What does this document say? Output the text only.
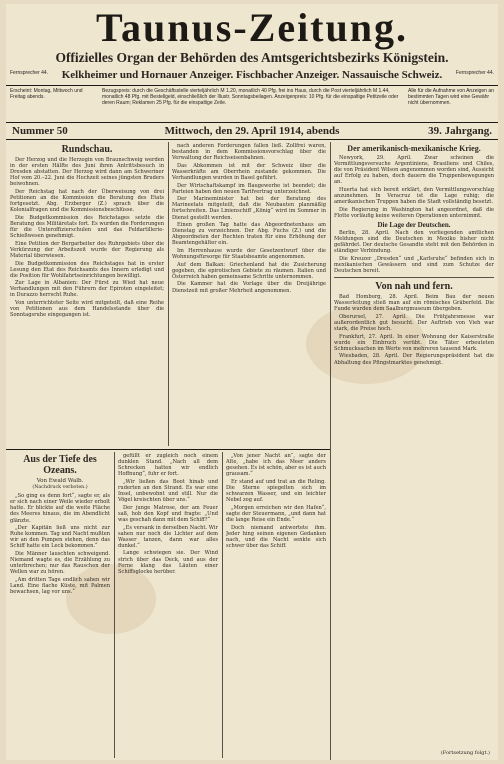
Taunus-Zeitung.
Offizielles Organ der Behörden des Amtsgerichtsbezirks Königstein.
Fernsprecher 44.	Kelkheimer und Hornauer Anzeiger. Fischbacher Anzeiger. Nassauische Schweiz.	Fernsprecher 44.
Erscheint: Montag, Mittwoch und Freitag abends.
Bezugspreis: durch die Geschäftsstelle vierteljährlich M 1.20, monatlich 40 Pfg. frei ins Haus, durch die Post vierteljährlich M 1.44, monatlich 48 Pfg. mit Bestellgeld, einschließlich der Illustr. Sonntagsbeilagen. Anzeigenpreis: 10 Pfg. für die einspaltige Petitzeile oder deren Raum; Reklamen 25 Pfg. für die einspaltige Zeile.
Alle für die Aufnahme von Anzeigen an bestimmten Tagen wird eine Gewähr nicht übernommen.
Nummer 50	Mittwoch, den 29. April 1914, abends	39. Jahrgang.
Rundschau.

Der Herzog und die Herzogin von Braunschweig werden in der ersten Hälfte des Juni ihren Antrittsbesuch in Dresden abstatten. Der Herzog wird dann am Schweriner Hof vom 20.–22. Juni die Hochzeit seines jüngsten Bruders beiwohnen.

Der Reichstag hat nach der Überweisung von drei Petitionen an die Kommission die Beratung des Etats fortgesetzt. Abg. Erzberger (Z.) sprach über die Kolonialfragen und die Kommissionsbeschlüsse.

Die Budgetkommission des Reichstages setzte die Beratung des Militäretats fort. Es wurden die Forderungen für die Unteroffizierschulen und das Feldartillerie-Schießwesen genehmigt.

Eine Petition der Bergarbeiter des Ruhrgebiets über die Verkürzung der Arbeitszeit wurde der Regierung als Material überwiesen.

Die Budgetkommission des Reichstages hat in erster Lesung den Etat des Reichsamts des Innern erledigt und die Position für Wohlfahrtseinrichtungen bewilligt.

Zur Lage in Albanien: Der Fürst zu Wied hat neue Verhandlungen mit den Führern der Epiroten eingeleitet; in Durazzo herrscht Ruhe.

Von unterrichteter Seite wird mitgeteilt, daß eine Reihe von Petitionen aus dem Handelsstande über die Sonntagsruhe eingegangen ist.

nach anderen Forderungen fallen ließ. Zollfrei waren, bestanden in dem Kommissionsvorschlag über die Verwaltung der Reichseisenbahnen.

Das Abkommen ist mit der Schweiz über die Wasserkräfte am Oberrhein zustande gekommen. Die Verhandlungen wurden in Basel geführt.

Der Wirtschaftskampf im Baugewerbe ist beendet; die Parteien haben den neuen Tarifvertrag unterzeichnet.

Der Marineminister hat bei der Beratung des Marineetats mitgeteilt, daß die Neubauten planmäßig fortschreiten. Das Linienschiff „König“ wird im Sommer in Dienst gestellt werden.

Einen großen Tag hatte das Abgeordnetenhaus am Dienstag zu verzeichnen. Der Abg. Fuchs (Z.) und die Abgeordneten der Rechten traten für eine Erhöhung der Beamtengehälter ein.

Im Herrenhause wurde der Gesetzentwurf über die Wohnungsfürsorge für Staatsbeamte angenommen.

Auf dem Balkan: Griechenland hat die Zusicherung gegeben, die epirotischen Gebiete zu räumen. Italien und Österreich haben gemeinsame Schritte unternommen.

Die Kammer hat die Vorlage über die Dreijährige Dienstzeit mit großer Mehrheit angenommen.

Der amerikanisch-mexikanische Krieg.

Newyork, 29. April. Zwar scheinen die Vermittlungsversuche Argentiniens, Brasiliens und Chiles, die von Präsident Wilson angenommen worden sind, Aussicht auf Erfolg zu haben, doch dauern die Truppenbewegungen an.

Huerta hat sich bereit erklärt, den Vermittlungsvorschlag anzunehmen. In Veracruz ist die Lage ruhig; die amerikanischen Truppen haben die Stadt vollständig besetzt.

Die Regierung in Washington hat angeordnet, daß die Flotte vorläufig keine weiteren Operationen unternimmt.

Die Lage der Deutschen.

Berlin, 28. April. Nach den vorliegenden amtlichen Meldungen sind die Deutschen in Mexiko bisher nicht gefährdet. Der deutsche Gesandte steht mit den Behörden in ständiger Verbindung.

Die Kreuzer „Dresden“ und „Karlsruhe“ befinden sich in mexikanischen Gewässern und sind zum Schutze der Deutschen bereit.

Von nah und fern.

Bad Homburg, 28. April. Beim Bau der neuen Wasserleitung stieß man auf ein römisches Gräberfeld. Die Funde wurden dem Saalburgmuseum übergeben.

Oberursel, 27. April. Die Frühjahrsmesse war außerordentlich gut besucht. Der Auftrieb von Vieh war stark, die Preise hoch.

Frankfurt, 27. April. In einer Wohnung der Kaiserstraße wurde ein Einbruch verübt. Die Täter erbeuteten Schmucksachen im Werte von mehreren tausend Mark.

Wiesbaden, 28. April. Der Regierungspräsident hat die Abhaltung des Pfingstmarktes genehmigt.

Aus der Tiefe des Ozeans.
Von Ewald Walb.
(Nachdruck verboten.)

„So ging es denn fort“, sagte er, als er sich nach einer Weile wieder erholt hatte. Er blickte auf die weite Fläche des Meeres hinaus, die im Abendlicht glänzte.

„Der Kapitän ließ uns nicht zur Ruhe kommen. Tag und Nacht mußten wir an den Pumpen stehen, denn das Schiff hatte ein Leck bekommen.“

Die Männer lauschten schweigend. Niemand wagte es, die Erzählung zu unterbrechen; nur das Rauschen der Wellen war zu hören.

„Am dritten Tage endlich sahen wir Land. Eine flache Küste, mit Palmen bewachsen, lag vor uns.“

gefüllt er zugleich noch einem dunklen Stand. „Nach all dem Schrecken hatten wir endlich Hoffnung“, fuhr er fort.

„Wir ließen das Boot hinab und ruderten an den Strand. Es war eine Insel, unbewohnt und still. Nur die Vögel kreischten über uns.“

Der junge Matrose, der am Feuer saß, hob den Kopf und fragte: „Und was geschah dann mit dem Schiff?“

„Es versank in derselben Nacht. Wir sahen nur noch die Lichter auf dem Wasser tanzen, dann war alles dunkel.“

Lange schwiegen sie. Der Wind strich über das Deck, und aus der Ferne klang das Läuten einer Schiffsglocke herüber.

„Von jener Nacht an“, sagte der Alte, „habe ich das Meer anders gesehen. Es ist schön, aber es ist auch grausam.“

Er stand auf und trat an die Reling. Die Sterne spiegelten sich im schwarzen Wasser, und ein leichter Nebel zog auf.

„Morgen erreichen wir den Hafen“, sagte der Steuermann, „und dann hat die lange Reise ein Ende.“

Doch niemand antwortete ihm. Jeder hing seinen eigenen Gedanken nach, und die Nacht senkte sich schwer über das Schiff.

(Fortsetzung folgt.)
